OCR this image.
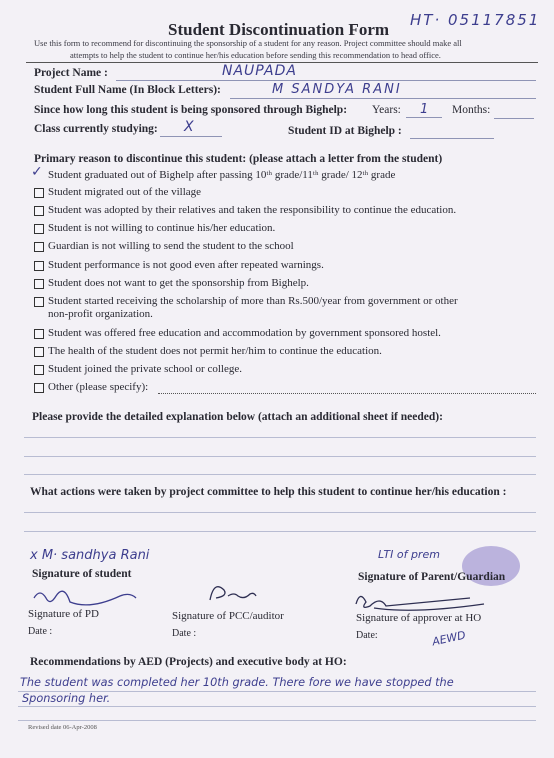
Student Discontinuation Form HT· 05117851
Use this form to recommend for discontinuing the sponsorship of a student for any reason. Project committee should make all
attempts to help the student to continue her/his education before sending this recommendation to head office.
Project Name :	NAUPADA
Student Full Name (In Block Letters):	M SANDYA RANI
Since how long this student is being sponsored through Bighelp: Years: 1 Months:
Class currently studying: X	Student ID at Bighelp :
Primary reason to discontinue this student: (please attach a letter from the student)
✓ Student graduated out of Bighelp after passing 10ᵗʰ grade/11ᵗʰ grade/ 12ᵗʰ grade
Student migrated out of the village
Student was adopted by their relatives and taken the responsibility to continue the education.
Student is not willing to continue his/her education.
Guardian is not willing to send the student to the school
Student performance is not good even after repeated warnings.
Student does not want to get the sponsorship from Bighelp.
Student started receiving the scholarship of more than Rs.500/year from government or other
non-profit organization.
Student was offered free education and accommodation by government sponsored hostel.
The health of the student does not permit her/him to continue the education.
Student joined the private school or college.
Other (please specify):
Please provide the detailed explanation below (attach an additional sheet if needed):
What actions were taken by project committee to help this student to continue her/his education :
x M· sandhya Rani
Signature of student
LTI of prem
Signature of Parent/Guardian
Signature of PD
Date :
Signature of PCC/auditor
Date :
Signature of approver at HO
Date:	AEWD
Recommendations by AED (Projects) and executive body at HO:
The student was completed her 10th grade. There fore we have stopped the
Sponsoring her.
Revised date 06-Apr-2008
